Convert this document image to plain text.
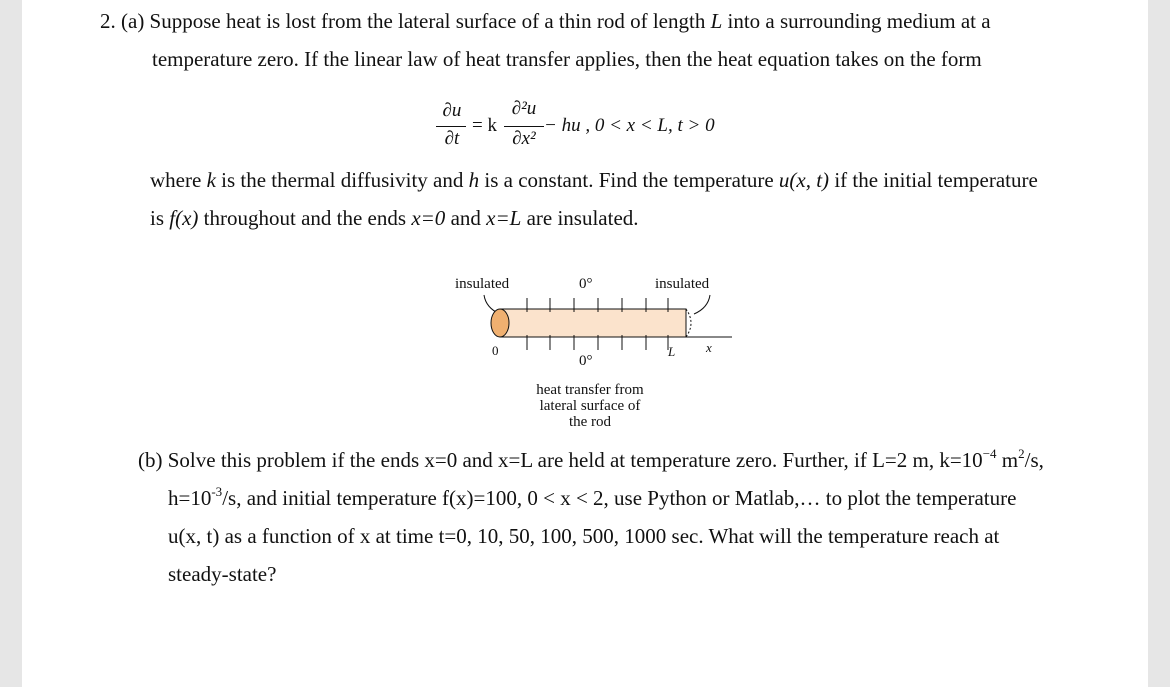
2. (a) Suppose heat is lost from the lateral surface of a thin rod of length L into a surrounding medium at a
temperature zero. If the linear law of heat transfer applies, then the heat equation takes on the form
∂u
∂t
= k
∂²u
∂x²
− hu , 0 < x < L, t > 0
where k is the thermal diffusivity and h is a constant. Find the temperature u(x, t) if the initial temperature
is f(x) throughout and the ends x=0 and x=L are insulated.
insulated	0°	insulated
0	L x
0°
heat transfer from
lateral surface of
the rod
(b) Solve this problem if the ends x=0 and x=L are held at temperature zero. Further, if L=2 m, $k=10^{-4}$ $m^2/s$,
$h=10^{-3}/s$, and initial temperature f(x)=100, 0 < x < 2, use Python or Matlab,… to plot the temperature
u(x, t) as a function of x at time t=0, 10, 50, 100, 500, 1000 sec. What will the temperature reach at
steady-state?
